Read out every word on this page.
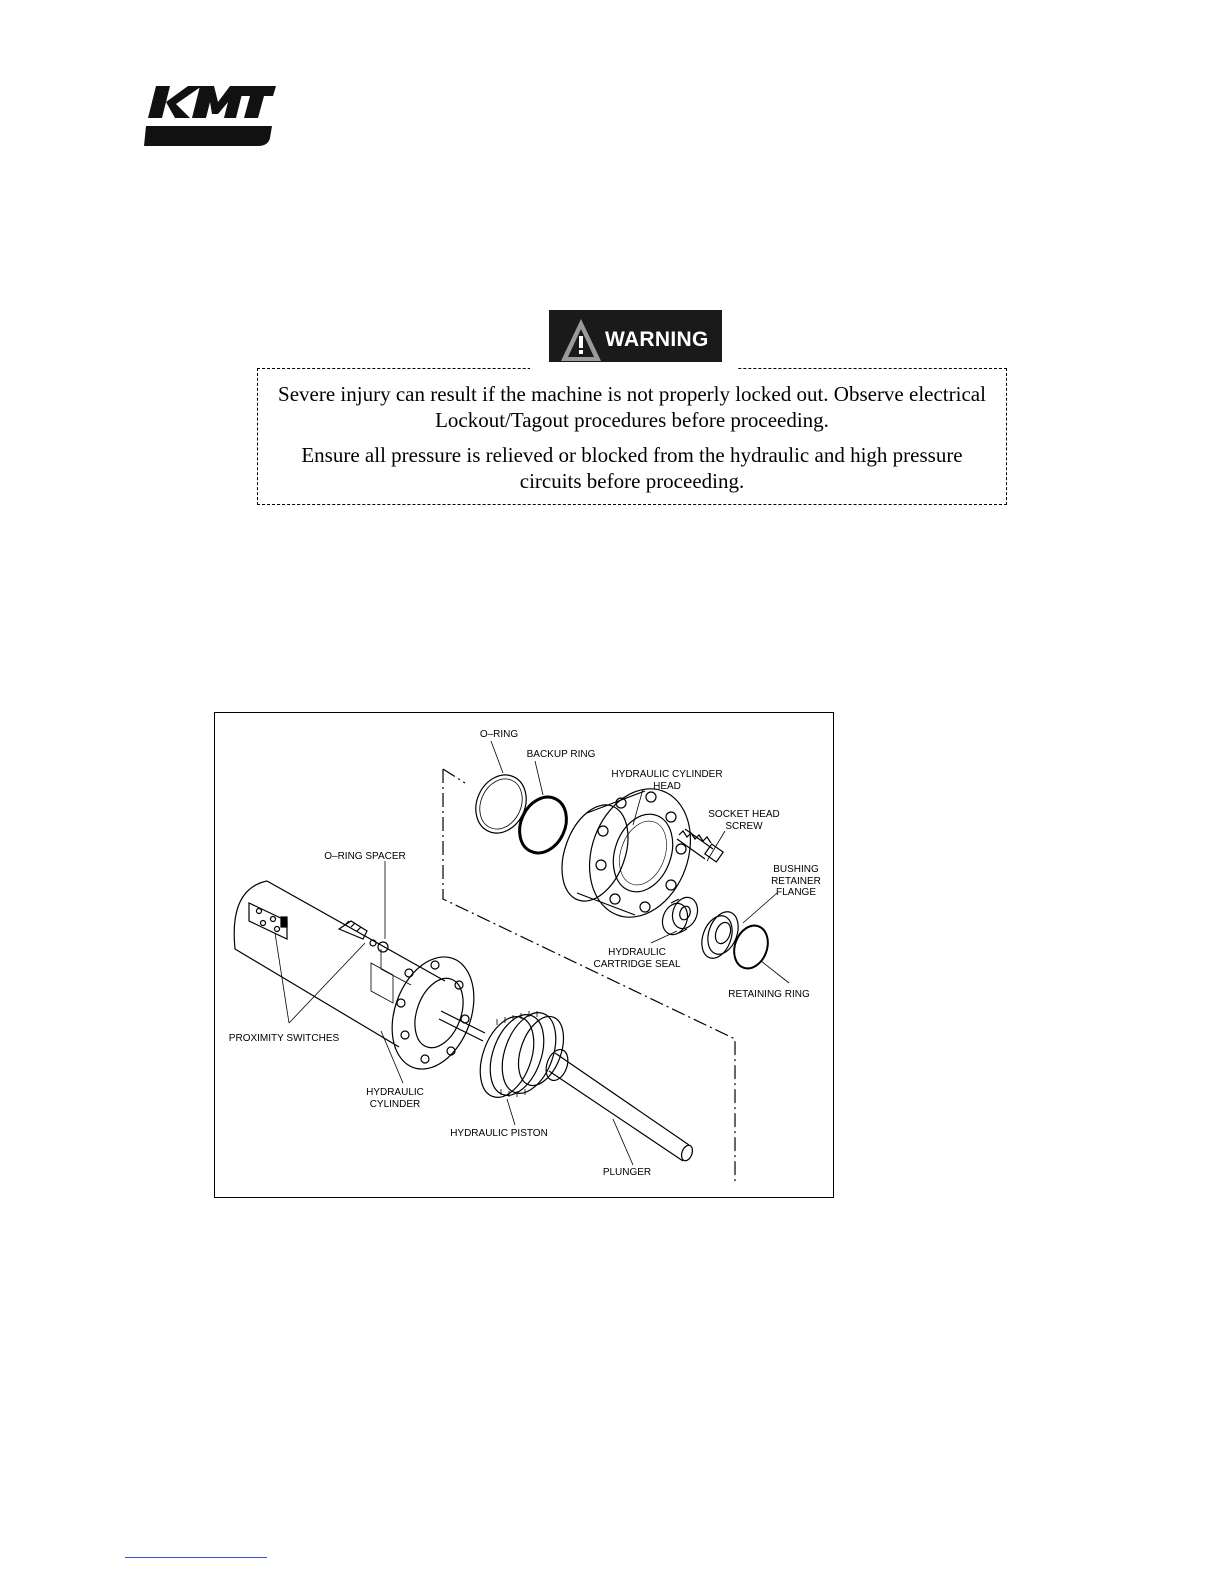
WARNING

Severe injury can result if the machine is not properly locked out. Observe electrical Lockout/Tagout procedures before proceeding.

Ensure all pressure is relieved or blocked from the hydraulic and high pressure circuits before proceeding.

O–RING
BACKUP RING
HYDRAULIC CYLINDER
HEAD
SOCKET HEAD
SCREW
BUSHING
RETAINER
FLANGE
O–RING SPACER
HYDRAULIC
CARTRIDGE SEAL
RETAINING RING
PROXIMITY SWITCHES
HYDRAULIC
CYLINDER
HYDRAULIC PISTON
PLUNGER
